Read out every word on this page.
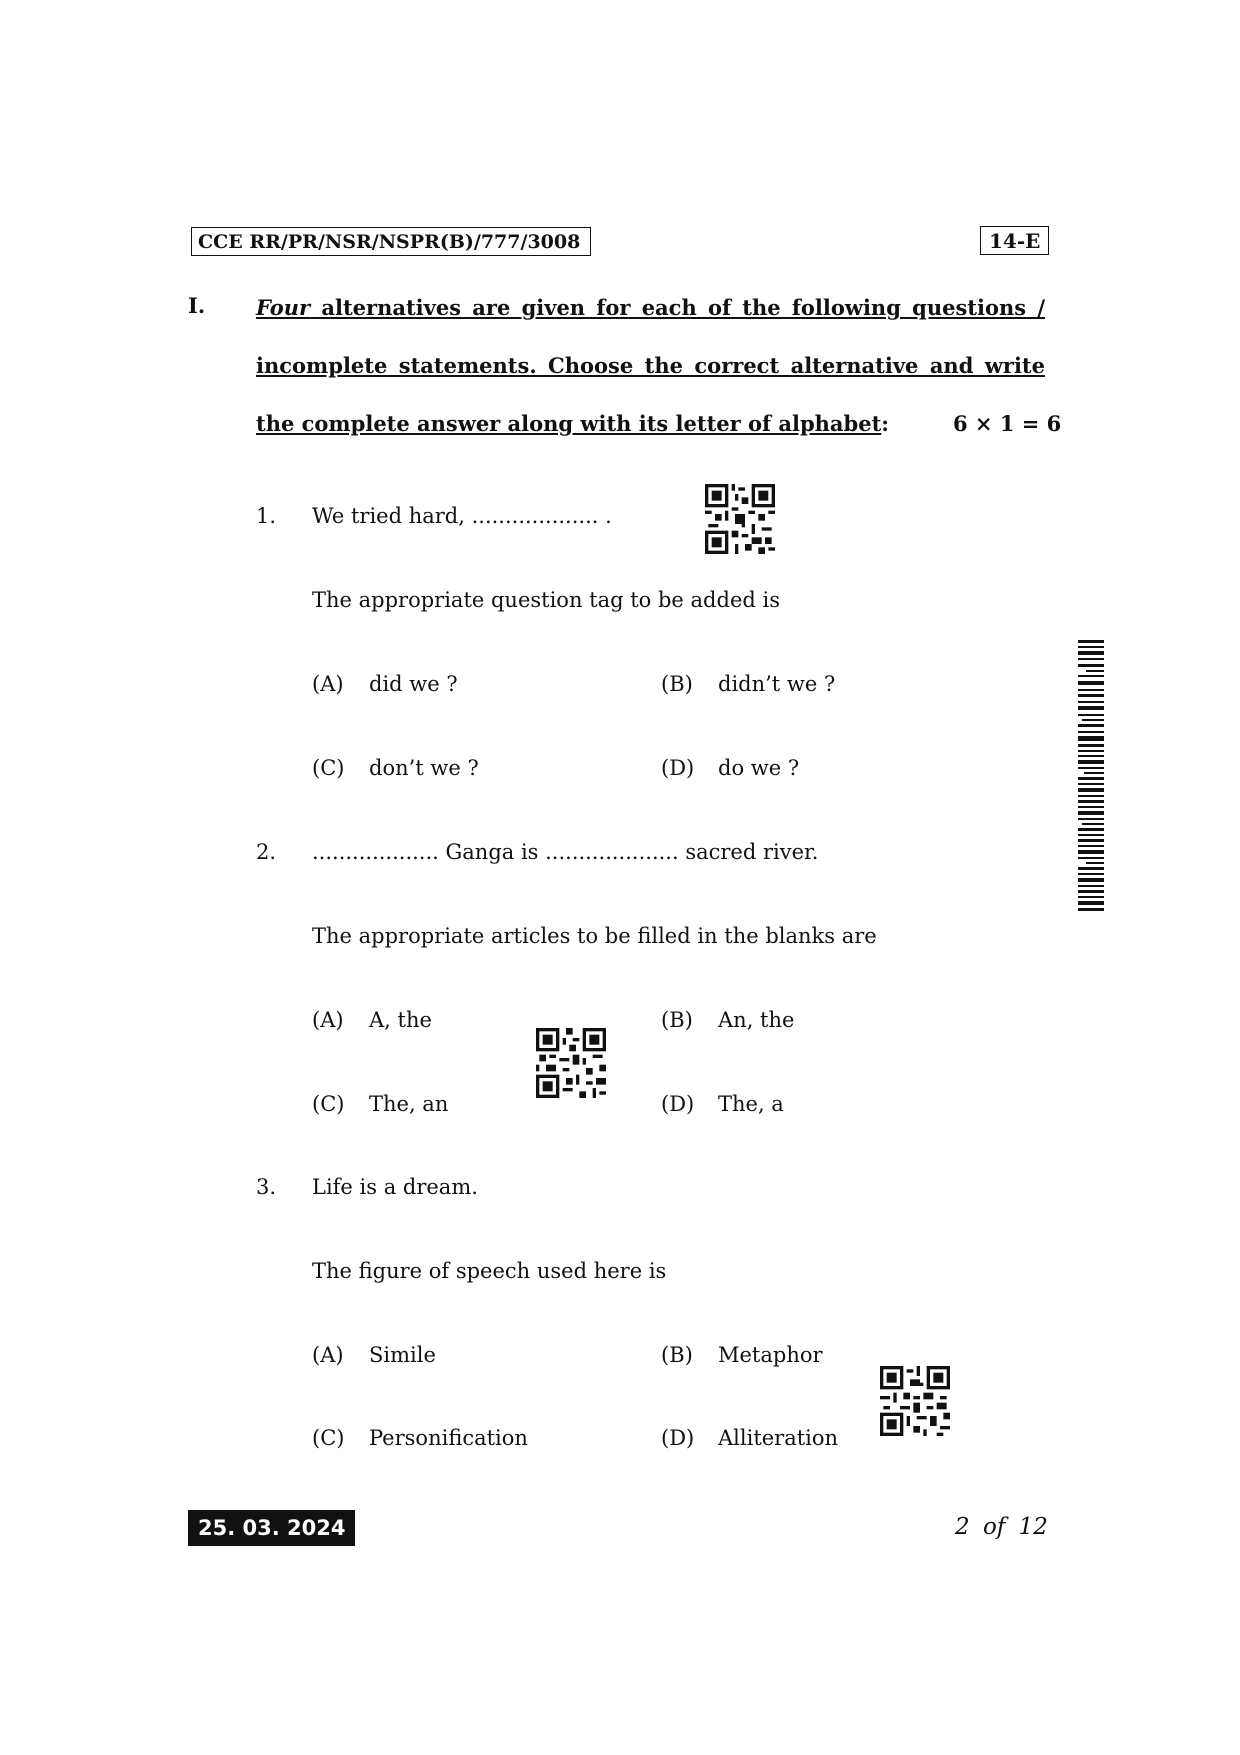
CCE RR/PR/NSR/NSPR(B)/777/3008	14-E
I. Four alternatives are given for each of the following questions /
incomplete statements. Choose the correct alternative and write
the complete answer along with its letter of alphabet:	6 × 1 = 6
1. We tried hard, ................... .
The appropriate question tag to be added is
(A) did we ?	(B) didn’t we ?
(C) don’t we ?	(D) do we ?
2. ................... Ganga is .................... sacred river.
The appropriate articles to be filled in the blanks are
(A) A, the	(B) An, the
(C) The, an	(D) The, a
3. Life is a dream.
The figure of speech used here is
(A) Simile	(B) Metaphor
(C) Personification	(D) Alliteration
25. 03. 2024	2 of 12
